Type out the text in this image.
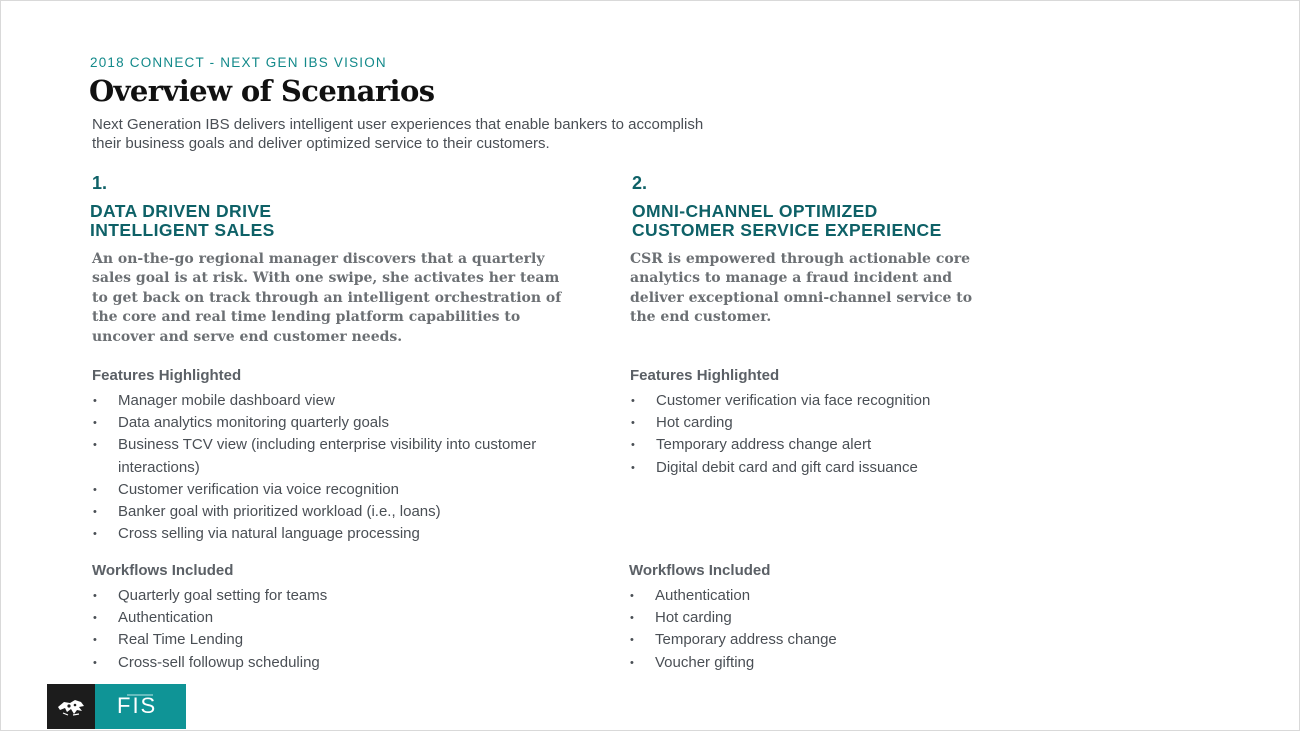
2018 CONNECT - NEXT GEN IBS VISION
Overview of Scenarios
Next Generation IBS delivers intelligent user experiences that enable bankers to accomplish their business goals and deliver optimized service to their customers.
1.
DATA DRIVEN DRIVE
INTELLIGENT SALES
An on-the-go regional manager discovers that a quarterly sales goal is at risk. With one swipe, she activates her team to get back on track through an intelligent orchestration of the core and real time lending platform capabilities to uncover and serve end customer needs.
Features Highlighted
• Manager mobile dashboard view
• Data analytics monitoring quarterly goals
• Business TCV view (including enterprise visibility into customer interactions)
• Customer verification via voice recognition
• Banker goal with prioritized workload (i.e., loans)
• Cross selling via natural language processing
Workflows Included
• Quarterly goal setting for teams
• Authentication
• Real Time Lending
• Cross-sell followup scheduling
2.
OMNI-CHANNEL OPTIMIZED
CUSTOMER SERVICE EXPERIENCE
CSR is empowered through actionable core analytics to manage a fraud incident and deliver exceptional omni-channel service to the end customer.
Features Highlighted
• Customer verification via face recognition
• Hot carding
• Temporary address change alert
• Digital debit card and gift card issuance
Workflows Included
• Authentication
• Hot carding
• Temporary address change
• Voucher gifting
FIS
